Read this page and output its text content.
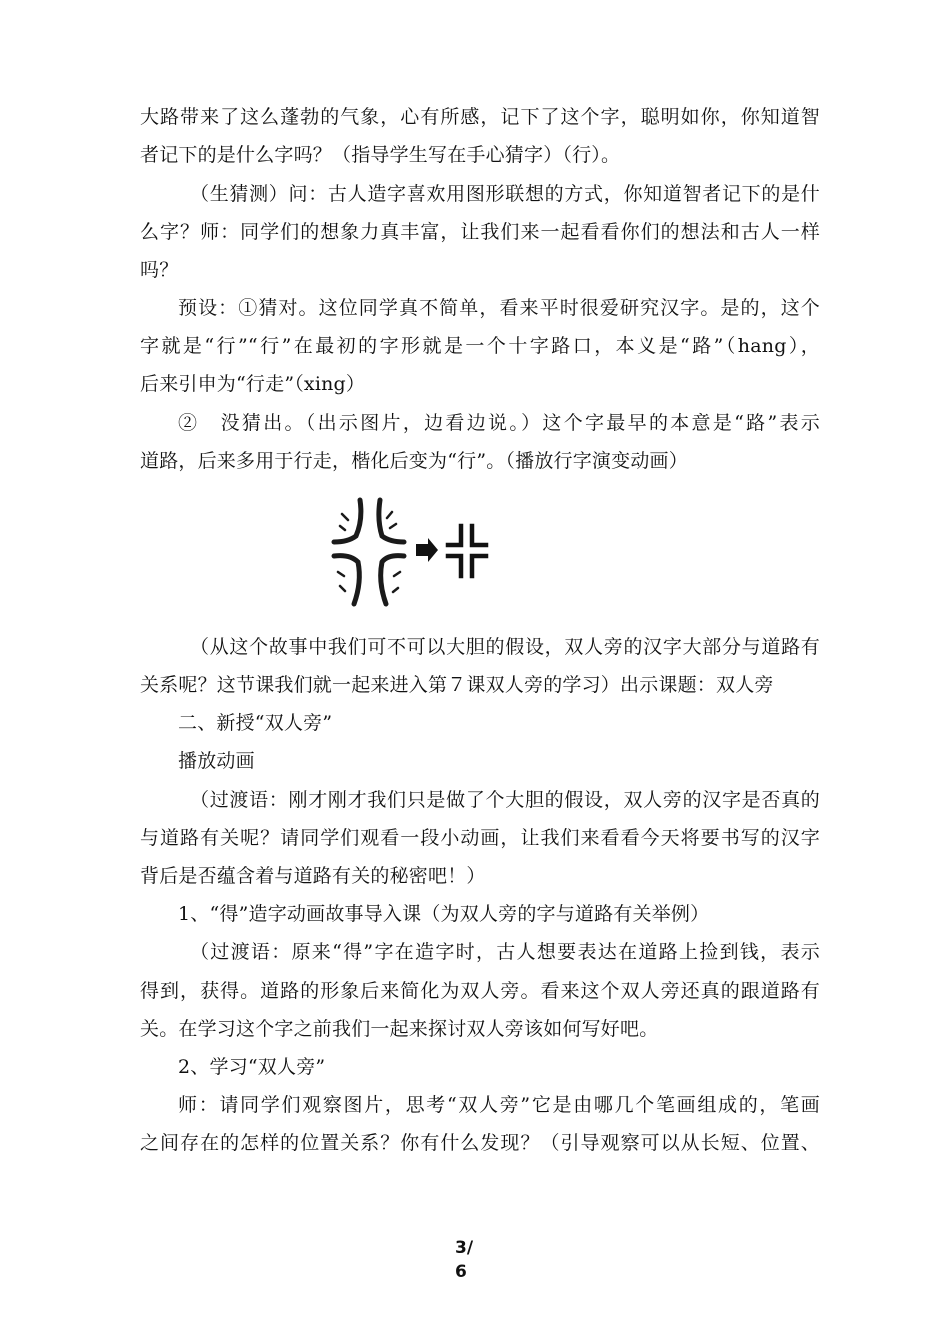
大路带来了这么蓬勃的气象，心有所感，记下了这个字，聪明如你，你知道智
者记下的是什么字吗？（指导学生写在手心猜字）（行）。
（生猜测）问：古人造字喜欢用图形联想的方式，你知道智者记下的是什
么字？师：同学们的想象力真丰富，让我们来一起看看你们的想法和古人一样
吗？
预设：①猜对。这位同学真不简单，看来平时很爱研究汉字。是的，这个
字就是“行”“行”在最初的字形就是一个十字路口，本义是“路”（hang），
后来引申为“行走”（xing）
②　没猜出。（出示图片，边看边说。）这个字最早的本意是“路”表示
道路，后来多用于行走，楷化后变为“行”。（播放行字演变动画）
（从这个故事中我们可不可以大胆的假设，双人旁的汉字大部分与道路有
关系呢？这节课我们就一起来进入第７课双人旁的学习）出示课题：双人旁
二、新授“双人旁”
播放动画
（过渡语：刚才刚才我们只是做了个大胆的假设，双人旁的汉字是否真的
与道路有关呢？请同学们观看一段小动画，让我们来看看今天将要书写的汉字
背后是否蕴含着与道路有关的秘密吧！）
1、“得”造字动画故事导入课（为双人旁的字与道路有关举例）
（过渡语：原来“得”字在造字时，古人想要表达在道路上捡到钱，表示
得到，获得。道路的形象后来简化为双人旁。看来这个双人旁还真的跟道路有
关。在学习这个字之前我们一起来探讨双人旁该如何写好吧。
2、学习“双人旁”
师：请同学们观察图片，思考“双人旁”它是由哪几个笔画组成的，笔画
之间存在的怎样的位置关系？你有什么发现？（引导观察可以从长短、位置、
3/
6
